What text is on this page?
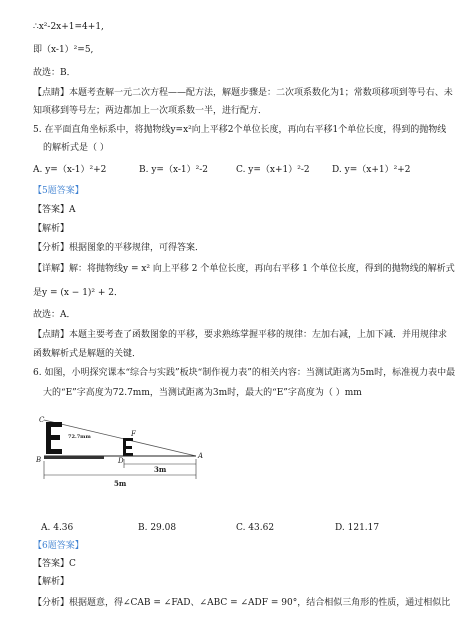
∴x²-2x+1=4+1,
即（x-1）²=5,
故选：B．
【点睛】本题考查解一元二次方程——配方法，解题步骤是：二次项系数化为1；常数项移项到等号右、未
知项移到等号左；两边都加上一次项系数一半，进行配方．
5. 在平面直角坐标系中，将抛物线y=x²向上平移2个单位长度，再向右平移1个单位长度，得到的抛物线
的解析式是（ ）
A. y=（x-1）²+2	B. y=（x-1）²-2	C. y=（x+1）²-2 D. y=（x+1）²+2
【5题答案】
【答案】A
【解析】
【分析】根据图象的平移规律，可得答案．
【详解】解：将抛物线y = x² 向上平移 2 个单位长度，再向右平移 1 个单位长度，得到的抛物线的解析式
是y = (x − 1)² + 2．
故选：A．
【点睛】本题主要考查了函数图象的平移，要求熟练掌握平移的规律：左加右减，上加下减．并用规律求
函数解析式是解题的关键．
6. 如图，小明探究课本“综合与实践”板块“制作视力表”的相关内容：当测试距离为5m时，标准视力表中最
大的“E”字高度为72.7mm，当测试距离为3m时，最大的“E”字高度为（ ）mm
C
F
72.7mm
B	D
A
3m
5m
A. 4.36	B. 29.08	C. 43.62	D. 121.17
【6题答案】
【答案】C
【解析】
【分析】根据题意，得∠CAB = ∠FAD、∠ABC = ∠ADF = 90°，结合相似三角形的性质，通过相似比
